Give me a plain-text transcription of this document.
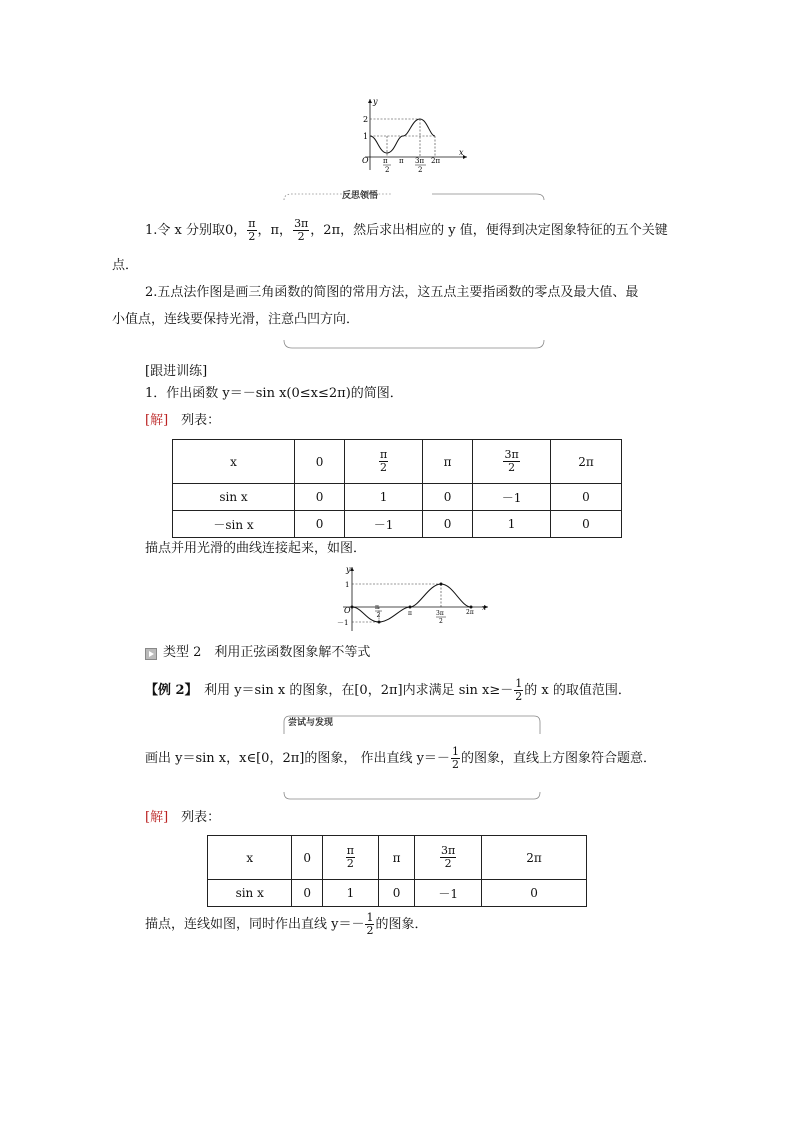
y
x
O
2
1
π
2
π 3π
2
2π
反思领悟
1.令 x 分别取0， $\frac{\pi}{2}$ ，π， $\frac{3\pi}{2}$ ，2π，然后求出相应的 y 值，便得到决定图象特征的五个关键
点．
2.五点法作图是画三角函数的简图的常用方法，这五点主要指函数的零点及最大值、最
小值点，连线要保持光滑，注意凸凹方向．
[跟进训练]
1．作出函数 y＝－sin x(0≤x≤2π)的简图．
[解]　列表：
x	0	$\frac{\pi}{2}$	π	$\frac{3\pi}{2}$	2π
sin x	0	1	0	－1	0
－sin x	0	－1	0	1	0
描点并用光滑的曲线连接起来，如图．
y
x
O
1
－1
π
2	π	3π
2
2π
类型 2　利用正弦函数图象解不等式
【例 2】　利用 y＝sin x 的图象，在[0，2π]内求满足 $\sin x\ge- \frac{1}{2}$ 的 x 的取值范围．
尝试与发现
画出 y＝sin x，x∈[0，2π]的图象， 作出直线 $y=- \frac{1}{2}$ 的图象，直线上方图象符合题意．
[解]　列表：
x	0	$\frac{\pi}{2}$	π	$\frac{3\pi}{2}$	2π
sin x	0	1	0	－1	0
描点，连线如图，同时作出直线 $y=- \frac{1}{2}$ 的图象．
